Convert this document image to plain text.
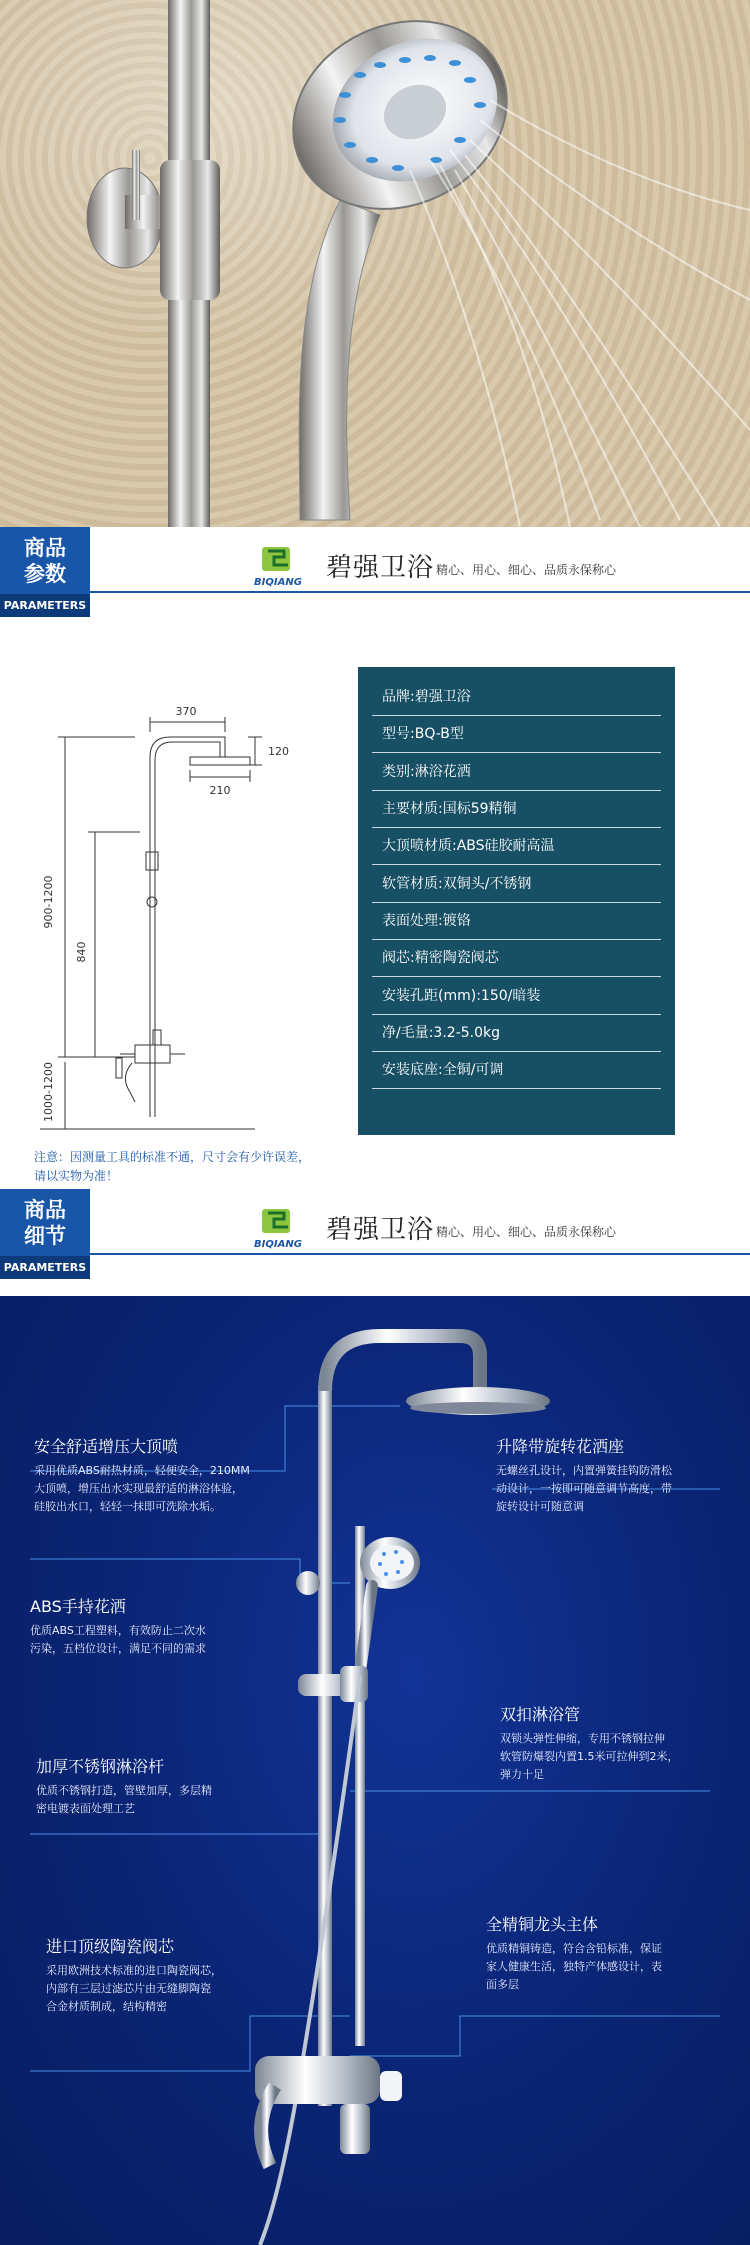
商品
参数
PARAMETERS
BIQIANG 碧强卫浴 精心、用心、细心、品质永保称心
370
120
210
900-1200
840
1000-1200
品牌:碧强卫浴
型号:BQ-B型
类别:淋浴花洒
主要材质:国标59精铜
大顶喷材质:ABS硅胶耐高温
软管材质:双铜头/不锈钢
表面处理:镀铬
阀芯:精密陶瓷阀芯
安装孔距(mm):150/暗装
净/毛量:3.2-5.0kg
安装底座:全铜/可调
注意：因测量工具的标准不通，尺寸会有少许误差，
请以实物为准！
商品
细节
PARAMETERS
BIQIANG 碧强卫浴 精心、用心、细心、品质永保称心
安全舒适增压大顶喷
采用优质ABS耐热材质，轻便安全，210MM
大顶喷，增压出水实现最舒适的淋浴体验，
硅胶出水口，轻轻一抹即可洗除水垢。
升降带旋转花洒座
无螺丝孔设计，内置弹簧挂钩防滑松
动设计，一按即可随意调节高度，带
旋转设计可随意调
ABS手持花洒
优质ABS工程塑料，有效防止二次水
污染，五档位设计，满足不同的需求
双扣淋浴管
双锁头弹性伸缩，专用不锈钢拉伸
软管防爆裂内置1.5米可拉伸到2米，
弹力十足
加厚不锈钢淋浴杆
优质不锈钢打造，管壁加厚，多层精
密电镀表面处理工艺
全精铜龙头主体
优质精铜铸造，符合含铅标准，保证
家人健康生活，独特产体感设计，表
面多层
进口顶级陶瓷阀芯
采用欧洲技术标准的进口陶瓷阀芯，
内部有三层过滤芯片由无缝脚陶瓷
合金材质制成，结构精密
